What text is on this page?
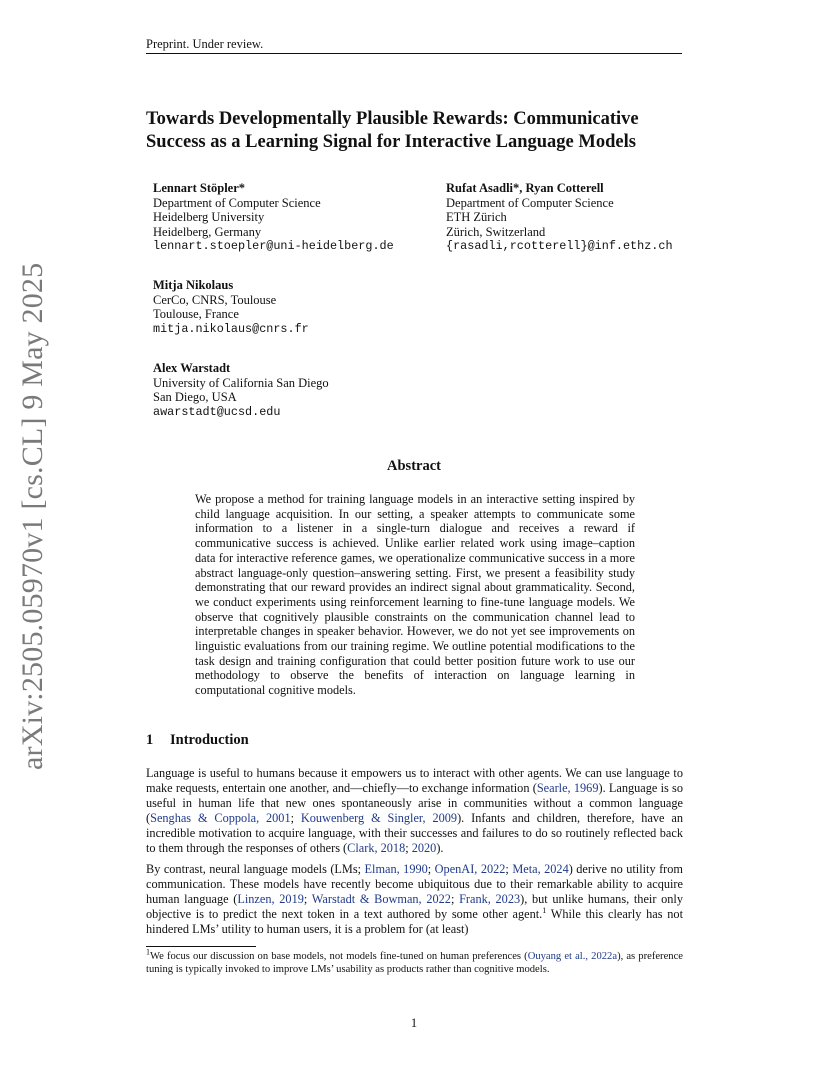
Preprint. Under review.
arXiv:2505.05970v1 [cs.CL] 9 May 2025
Towards Developmentally Plausible Rewards: Communicative Success as a Learning Signal for Interactive Language Models
Lennart Stöpler*
Department of Computer Science
Heidelberg University
Heidelberg, Germany
lennart.stoepler@uni-heidelberg.de
Rufat Asadli*, Ryan Cotterell
Department of Computer Science
ETH Zürich
Zürich, Switzerland
{rasadli,rcotterell}@inf.ethz.ch
Mitja Nikolaus
CerCo, CNRS, Toulouse
Toulouse, France
mitja.nikolaus@cnrs.fr
Alex Warstadt
University of California San Diego
San Diego, USA
awarstadt@ucsd.edu
Abstract
We propose a method for training language models in an interactive setting inspired by child language acquisition. In our setting, a speaker attempts to communicate some information to a listener in a single-turn dialogue and receives a reward if communicative success is achieved. Unlike earlier related work using image–caption data for interactive reference games, we operationalize communicative success in a more abstract language-only question–answering setting. First, we present a feasibility study demonstrating that our reward provides an indirect signal about grammaticality. Second, we conduct experiments using reinforcement learning to fine-tune language models. We observe that cognitively plausible constraints on the communication channel lead to interpretable changes in speaker behavior. However, we do not yet see improvements on linguistic evaluations from our training regime. We outline potential modifications to the task design and training configuration that could better position future work to use our methodology to observe the benefits of interaction on language learning in computational cognitive models.
1 Introduction
Language is useful to humans because it empowers us to interact with other agents. We can use language to make requests, entertain one another, and—chiefly—to exchange information (Searle, 1969). Language is so useful in human life that new ones spontaneously arise in communities without a common language (Senghas & Coppola, 2001; Kouwenberg & Singler, 2009). Infants and children, therefore, have an incredible motivation to acquire language, with their successes and failures to do so routinely reflected back to them through the responses of others (Clark, 2018; 2020).
By contrast, neural language models (LMs; Elman, 1990; OpenAI, 2022; Meta, 2024) derive no utility from communication. These models have recently become ubiquitous due to their remarkable ability to acquire human language (Linzen, 2019; Warstadt & Bowman, 2022; Frank, 2023), but unlike humans, their only objective is to predict the next token in a text authored by some other agent.$^1$ While this clearly has not hindered LMs’ utility to human users, it is a problem for (at least)
$^1$We focus our discussion on base models, not models fine-tuned on human preferences (Ouyang et al., 2022a), as preference tuning is typically invoked to improve LMs’ usability as products rather than cognitive models.
1
